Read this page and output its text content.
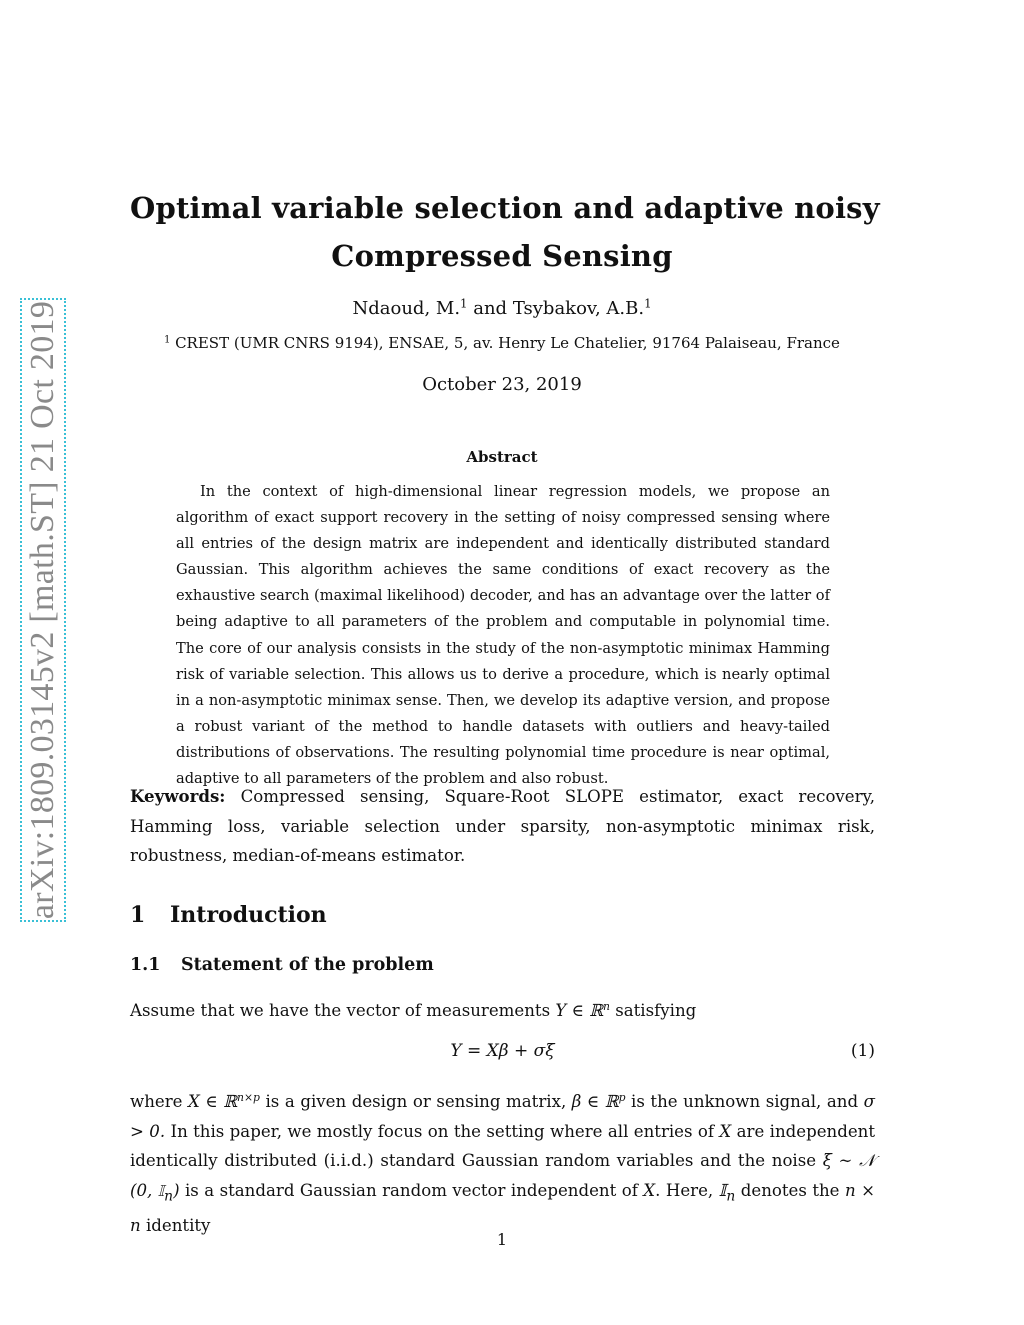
arXiv:1809.03145v2 [math.ST] 21 Oct 2019
Optimal variable selection and adaptive noisy
Compressed Sensing
Ndaoud, M.$^1$ and Tsybakov, A.B.$^1$
$^1$ CREST (UMR CNRS 9194), ENSAE, 5, av. Henry Le Chatelier, 91764 Palaiseau, France
October 23, 2019
Abstract
In the context of high-dimensional linear regression models, we propose an algorithm of exact support recovery in the setting of noisy compressed sensing where all entries of the design matrix are independent and identically distributed standard Gaussian. This algorithm achieves the same conditions of exact recovery as the exhaustive search (maximal likelihood) decoder, and has an advantage over the latter of being adaptive to all parameters of the problem and computable in polynomial time. The core of our analysis consists in the study of the non-asymptotic minimax Hamming risk of variable selection. This allows us to derive a procedure, which is nearly optimal in a non-asymptotic minimax sense. Then, we develop its adaptive version, and propose a robust variant of the method to handle datasets with outliers and heavy-tailed distributions of observations. The resulting polynomial time procedure is near optimal, adaptive to all parameters of the problem and also robust.
Keywords: Compressed sensing, Square-Root SLOPE estimator, exact recovery, Hamming loss, variable selection under sparsity, non-asymptotic minimax risk, robustness, median-of-means estimator.
1 Introduction
1.1 Statement of the problem
Assume that we have the vector of measurements Y ∈ ℝ$^n$ satisfying
Y = Xβ + σξ	(1)
where X ∈ ℝ$^{n\times p}$ is a given design or sensing matrix, β ∈ ℝ$^p$ is the unknown signal, and σ > 0. In this paper, we mostly focus on the setting where all entries of X are independent identically distributed (i.i.d.) standard Gaussian random variables and the noise ξ ∼ 𝒩 (0, 𝕀$_n$) is a standard Gaussian random vector independent of X. Here, 𝕀$_n$ denotes the n × n identity
1
